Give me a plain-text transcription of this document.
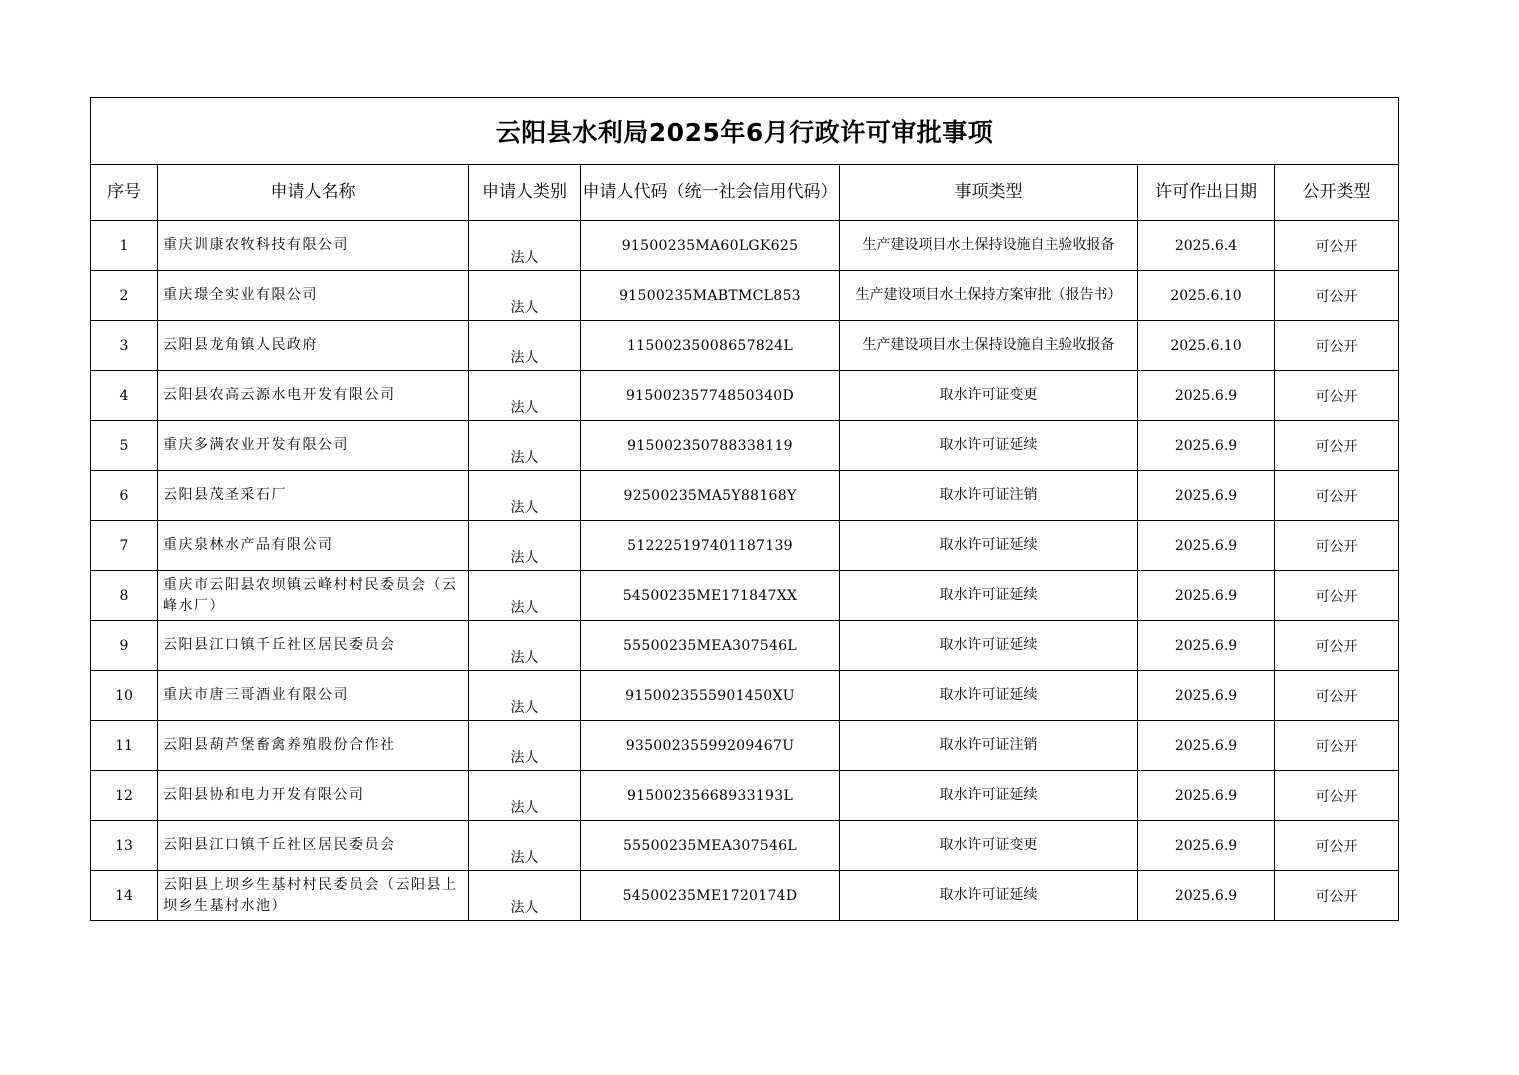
云阳县水利局2025年6月行政许可审批事项						
序号	申请人名称	申请人类别	申请人代码（统一社会信用代码）	事项类型	许可作出日期	公开类型
1	重庆训康农牧科技有限公司	法人	91500235MA60LGK625	生产建设项目水土保持设施自主验收报备	2025.6.4	可公开
2	重庆璟全实业有限公司	法人	91500235MABTMCL853	生产建设项目水土保持方案审批（报告书）	2025.6.10	可公开
3	云阳县龙角镇人民政府	法人	11500235008657824L	生产建设项目水土保持设施自主验收报备	2025.6.10	可公开
4	云阳县农高云源水电开发有限公司	法人	91500235774850340D	取水许可证变更	2025.6.9	可公开
5	重庆多满农业开发有限公司	法人	915002350788338119	取水许可证延续	2025.6.9	可公开
6	云阳县茂圣采石厂	法人	92500235MA5Y88168Y	取水许可证注销	2025.6.9	可公开
7	重庆泉林水产品有限公司	法人	512225197401187139	取水许可证延续	2025.6.9	可公开
8	重庆市云阳县农坝镇云峰村村民委员会（云峰水厂）	法人	54500235ME171847XX	取水许可证延续	2025.6.9	可公开
9	云阳县江口镇千丘社区居民委员会	法人	55500235MEA307546L	取水许可证延续	2025.6.9	可公开
10	重庆市唐三哥酒业有限公司	法人	9150023555901450XU	取水许可证延续	2025.6.9	可公开
11	云阳县葫芦堡畜禽养殖股份合作社	法人	93500235599209467U	取水许可证注销	2025.6.9	可公开
12	云阳县协和电力开发有限公司	法人	91500235668933193L	取水许可证延续	2025.6.9	可公开
13	云阳县江口镇千丘社区居民委员会	法人	55500235MEA307546L	取水许可证变更	2025.6.9	可公开
14	云阳县上坝乡生基村村民委员会（云阳县上坝乡生基村水池）	法人	54500235ME1720174D	取水许可证延续	2025.6.9	可公开
